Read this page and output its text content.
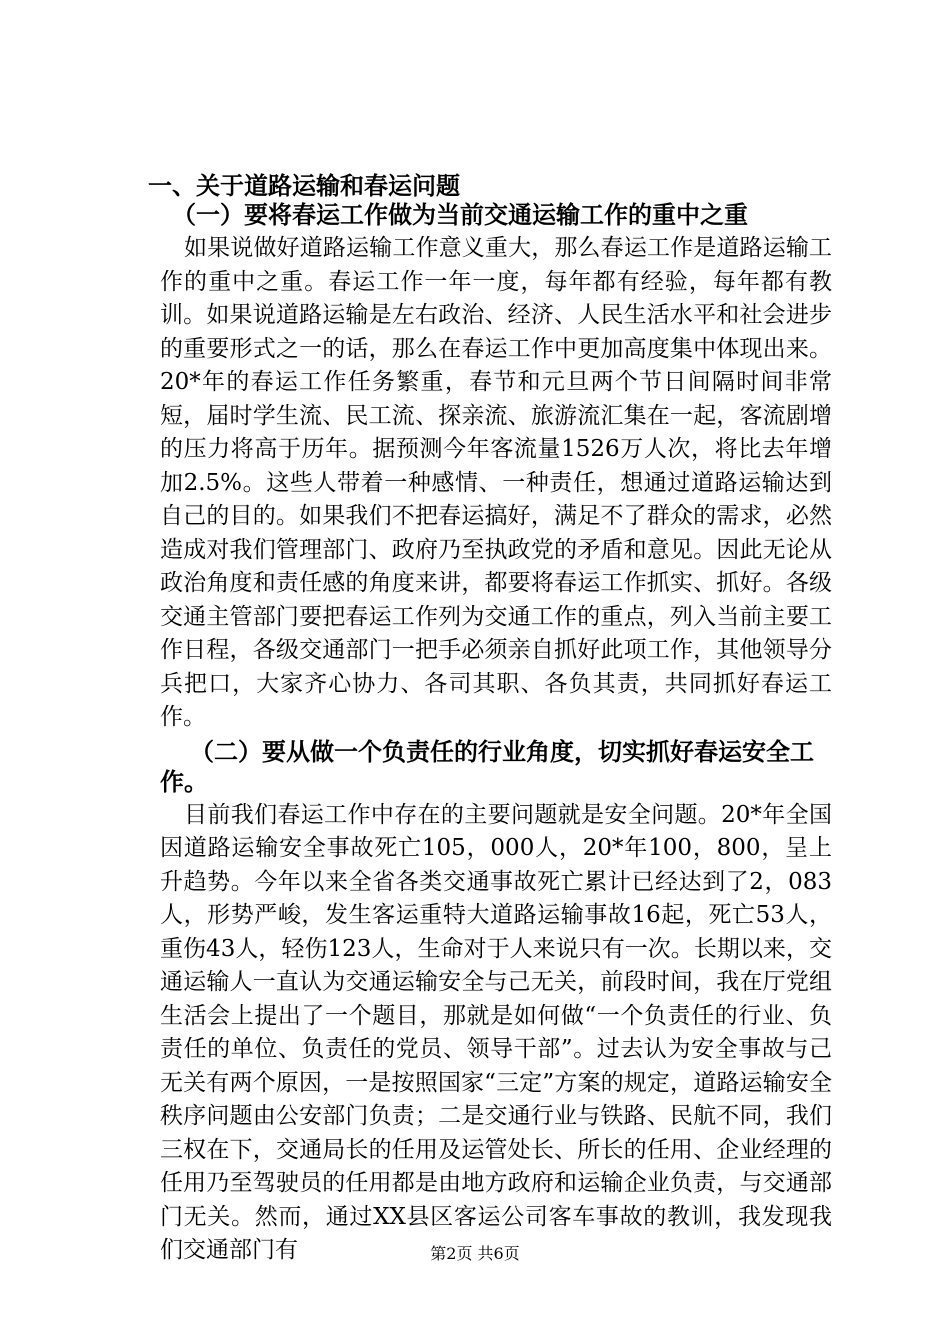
一、关于道路运输和春运问题
（一）要将春运工作做为当前交通运输工作的重中之重

如果说做好道路运输工作意义重大，那么春运工作是道路运输工作的重中之重。春运工作一年一度，每年都有经验，每年都有教训。如果说道路运输是左右政治、经济、人民生活水平和社会进步的重要形式之一的话，那么在春运工作中更加高度集中体现出来。20*年的春运工作任务繁重，春节和元旦两个节日间隔时间非常短，届时学生流、民工流、探亲流、旅游流汇集在一起，客流剧增的压力将高于历年。据预测今年客流量1526万人次，将比去年增加2.5%。这些人带着一种感情、一种责任，想通过道路运输达到自己的目的。如果我们不把春运搞好，满足不了群众的需求，必然造成对我们管理部门、政府乃至执政党的矛盾和意见。因此无论从政治角度和责任感的角度来讲，都要将春运工作抓实、抓好。各级交通主管部门要把春运工作列为交通工作的重点，列入当前主要工作日程，各级交通部门一把手必须亲自抓好此项工作，其他领导分兵把口，大家齐心协力、各司其职、各负其责，共同抓好春运工作。

（二）要从做一个负责任的行业角度，切实抓好春运安全工作。

目前我们春运工作中存在的主要问题就是安全问题。20*年全国因道路运输安全事故死亡105，000人，20*年100，800，呈上升趋势。今年以来全省各类交通事故死亡累计已经达到了2，083人，形势严峻，发生客运重特大道路运输事故16起，死亡53人，重伤43人，轻伤123人，生命对于人来说只有一次。长期以来，交通运输人一直认为交通运输安全与己无关，前段时间，我在厅党组生活会上提出了一个题目，那就是如何做“一个负责任的行业、负责任的单位、负责任的党员、领导干部”。过去认为安全事故与己无关有两个原因，一是按照国家“三定”方案的规定，道路运输安全秩序问题由公安部门负责；二是交通行业与铁路、民航不同，我们三权在下，交通局长的任用及运管处长、所长的任用、企业经理的任用乃至驾驶员的任用都是由地方政府和运输企业负责，与交通部门无关。然而，通过XX县区客运公司客车事故的教训，我发现我们交通部门有	第2页 共6页
